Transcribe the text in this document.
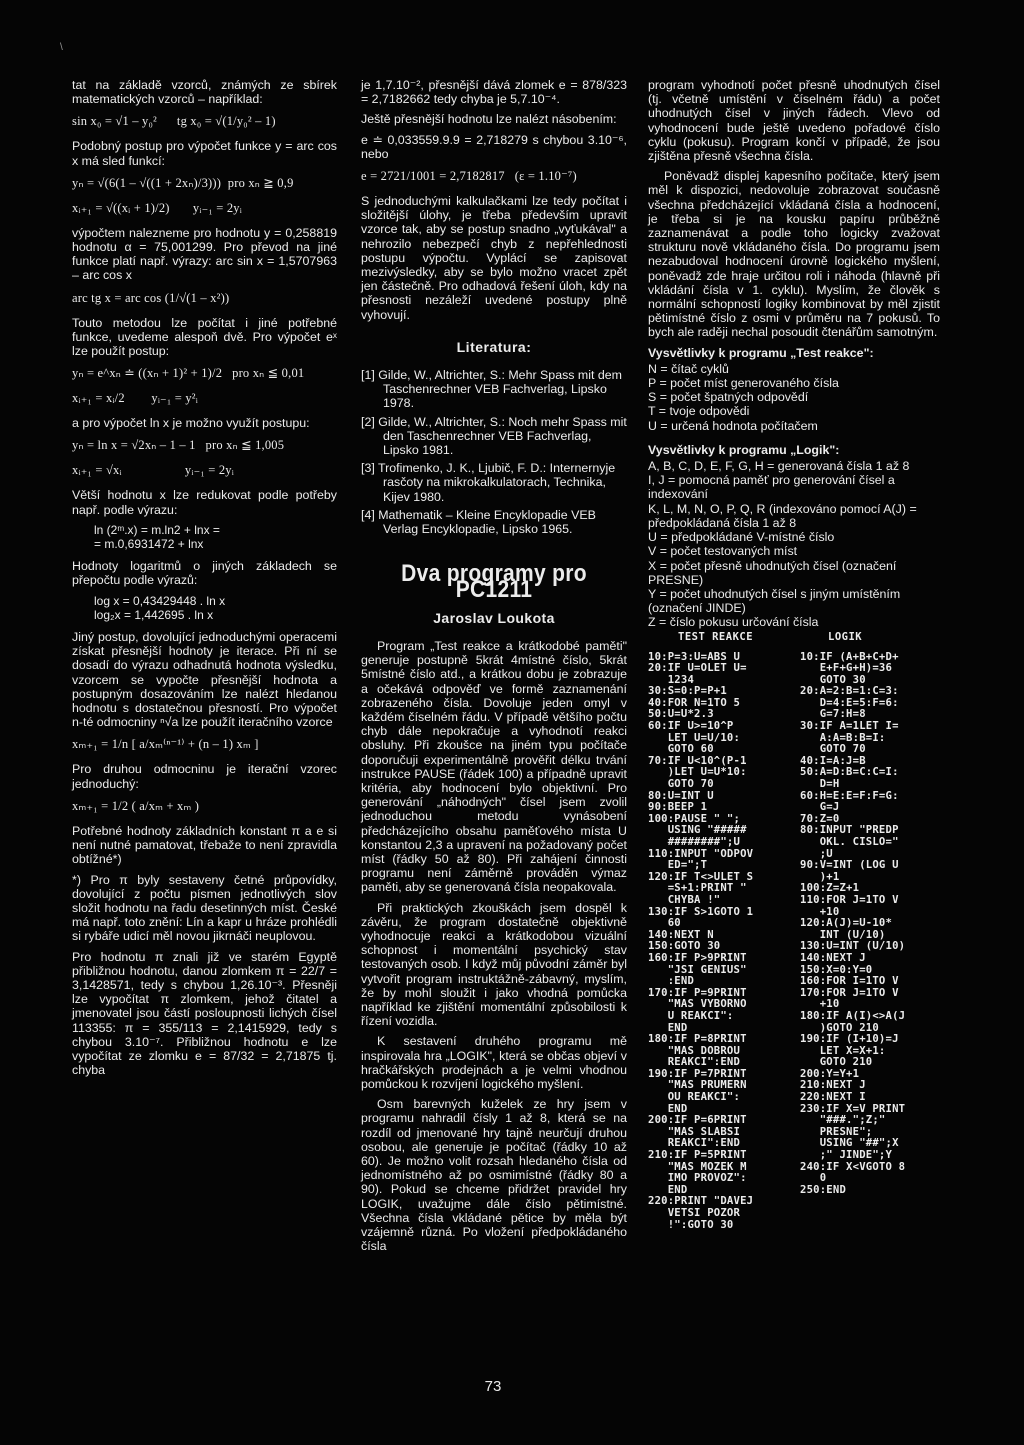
\

tat na základě vzorců, známých ze sbírek matematických vzorců – například:

sin x₀ = √1 – y₀²      tg x₀ = √(1/y₀² – 1)

Podobný postup pro výpočet funkce y = arc cos x má sled funkcí:

yₙ = √(6(1 – √((1 + 2xₙ)/3)))  pro xₙ ≧ 0,9
xᵢ₊₁ = √((xᵢ + 1)/2)       yᵢ₋₁ = 2yᵢ

výpočtem nalezneme pro hodnotu y = 0,258819 hodnotu α = 75,001299. Pro převod na jiné funkce platí např. výrazy: arc sin x = 1,5707963 – arc cos x

arc tg x = arc cos (1/√(1 – x²))

Touto metodou lze počítat i jiné potřebné funkce, uvedeme alespoň dvě. Pro výpočet eˣ lze použít postup:

yₙ = e^xₙ ≐ ((xₙ + 1)² + 1)/2   pro xₙ ≦ 0,01
xᵢ₊₁ = xᵢ/2        yᵢ₋₁ = y²ᵢ

a pro výpočet ln x je možno využít postupu:

yₙ = ln x = √2xₙ – 1 – 1   pro xₙ ≦ 1,005
xᵢ₊₁ = √xᵢ                   yᵢ₋₁ = 2yᵢ

Větší hodnotu x lze redukovat podle potřeby např. podle výrazu:

ln (2ᵐ.x) = m.ln2 + lnx =
= m.0,6931472 + lnx

Hodnoty logaritmů o jiných základech se přepočtu podle výrazů:

log x = 0,43429448 . ln x
log₂x = 1,442695 . ln x

Jiný postup, dovolující jednoduchými operacemi získat přesnější hodnoty je iterace. Při ní se dosadí do výrazu odhadnutá hodnota výsledku, vzorcem se vypočte přesnější hodnota a postupným dosazováním lze nalézt hledanou hodnotu s dostatečnou přesností. Pro výpočet n-té odmocniny ⁿ√a lze použít iteračního vzorce

xₘ₊₁ = 1/n [ a/xₘ⁽ⁿ⁻¹⁾ + (n – 1) xₘ ]

Pro druhou odmocninu je iterační vzorec jednoduchý:

xₘ₊₁ = 1/2 ( a/xₘ + xₘ )

Potřebné hodnoty základních konstant π a e si není nutné pamatovat, třebaže to není zpravidla obtížné*)

*) Pro π byly sestaveny četné průpovídky, dovolující z počtu písmen jednotlivých slov složit hodnotu na řadu desetinných míst. České má např. toto znění: Lín a kapr u hráze prohlédli si rybáře udicí měl novou jikrnáči neuplovou.

Pro hodnotu π znali již ve starém Egyptě přibližnou hodnotu, danou zlomkem π = 22/7 = 3,1428571, tedy s chybou 1,26.10⁻³. Přesněji lze vypočítat π zlomkem, jehož čitatel a jmenovatel jsou částí posloupnosti lichých čísel 113355: π = 355/113 = 2,1415929, tedy s chybou 3.10⁻⁷. Přibližnou hodnotu e lze vypočítat ze zlomku e = 87/32 = 2,71875 tj. chyba

je 1,7.10⁻², přesnější dává zlomek e = 878/323 = 2,7182662 tedy chyba je 5,7.10⁻⁴.

Ještě přesnější hodnotu lze nalézt násobením:

e ≐ 0,033559.9.9 = 2,718279 s chybou 3.10⁻⁶, nebo

e = 2721/1001 = 2,7182817   (ε = 1.10⁻⁷)

S jednoduchými kalkulačkami lze tedy počítat i složitější úlohy, je třeba především upravit vzorce tak, aby se postup snadno „vyťukával" a nehrozilo nebezpečí chyb z nepřehlednosti postupu výpočtu. Vyplácí se zapisovat mezivýsledky, aby se bylo možno vracet zpět jen částečně. Pro odhadová řešení úloh, kdy na přesnosti nezáleží uvedené postupy plně vyhovují.

Literatura:
[1] Gilde, W., Altrichter, S.: Mehr Spass mit dem Taschenrechner VEB Fachverlag, Lipsko 1978.
[2] Gilde, W., Altrichter, S.: Noch mehr Spass mit den Taschenrechner VEB Fachverlag, Lipsko 1981.
[3] Trofimenko, J. K., Ljubič, F. D.: Internernyje rasčoty na mikrokalkulatorach, Technika, Kijev 1980.
[4] Mathematik – Kleine Encyklopadie VEB Verlag Encyklopadie, Lipsko 1965.
Dva programy pro PC1211
Jaroslav Loukota

Program „Test reakce a krátkodobé paměti" generuje postupně 5krát 4místné číslo, 5krát 5místné číslo atd., a krátkou dobu je zobrazuje a očekává odpověď ve formě zaznamenání zobrazeného čísla. Dovoluje jeden omyl v každém číselném řádu. V případě většího počtu chyb dále nepokračuje a vyhodnotí reakci obsluhy. Při zkoušce na jiném typu počítače doporučuji experimentálně prověřit délku trvání instrukce PAUSE (řádek 100) a případně upravit kritéria, aby hodnocení bylo objektivní. Pro generování „náhodných" čísel jsem zvolil jednoduchou metodu vynásobení předcházejícího obsahu paměťového místa U konstantou 2,3 a upravení na požadovaný počet míst (řádky 50 až 80). Při zahájení činnosti programu není záměrně prováděn výmaz paměti, aby se generovaná čísla neopakovala.

Při praktických zkouškách jsem dospěl k závěru, že program dostatečně objektivně vyhodnocuje reakci a krátkodobou vizuální schopnost i momentální psychický stav testovaných osob. I když můj původní záměr byl vytvořit program instruktážně-zábavný, myslím, že by mohl sloužit i jako vhodná pomůcka například ke zjištění momentální způsobilosti k řízení vozidla.

K sestavení druhého programu mě inspirovala hra „LOGIK", která se občas objeví v hračkářských prodejnách a je velmi vhodnou pomůckou k rozvíjení logického myšlení.

Osm barevných kuželek ze hry jsem v programu nahradil čísly 1 až 8, která se na rozdíl od jmenované hry tajně neurčují druhou osobou, ale generuje je počítač (řádky 10 až 60). Je možno volit rozsah hledaného čísla od jednomístného až po osmimístné (řádky 80 a 90). Pokud se chceme přidržet pravidel hry LOGIK, uvažujme dále číslo pětimístné. Všechna čísla vkládané pětice by měla být vzájemně různá. Po vložení předpokládaného čísla

program vyhodnotí počet přesně uhodnutých čísel (tj. včetně umístění v číselném řádu) a počet uhodnutých čísel v jiných řádech. Vlevo od vyhodnocení bude ještě uvedeno pořadové číslo cyklu (pokusu). Program končí v případě, že jsou zjištěna přesně všechna čísla.

Poněvadž displej kapesního počítače, který jsem měl k dispozici, nedovoluje zobrazovat současně všechna předcházející vkládaná čísla a hodnocení, je třeba si je na kousku papíru průběžně zaznamenávat a podle toho logicky zvažovat strukturu nově vkládaného čísla. Do programu jsem nezabudoval hodnocení úrovně logického myšlení, poněvadž zde hraje určitou roli i náhoda (hlavně při vkládání čísla v 1. cyklu). Myslím, že člověk s normální schopností logiky kombinovat by měl zjistit pětimístné číslo z osmi v průměru na 7 pokusů. To bych ale raději nechal posoudit čtenářům samotným.

Vysvětlivky k programu „Test reakce":
N = čítač cyklů
P = počet míst generovaného čísla
S = počet špatných odpovědí
T = tvoje odpovědi
U = určená hodnota počítačem
Vysvětlivky k programu „Logik":
A, B, C, D, E, F, G, H = generovaná čísla 1 až 8
I, J = pomocná paměť pro generování čísel a indexování
K, L, M, N, O, P, Q, R (indexováno pomocí A(J) = předpokládaná čísla 1 až 8
U = předpokládané V-místné číslo
V = počet testovaných míst
X = počet přesně uhodnutých čísel (označení PRESNE)
Y = počet uhodnutých čísel s jiným umístěním (označení JINDE)
Z = číslo pokusu určování čísla
TEST REAKCE	LOGIK
10:P=3:U=ABS U
20:IF U=OLET U=
1234
30:S=0:P=P+1
40:FOR N=1TO 5
50:U=U*2.3
60:IF U>=10^P
LET U=U/10:
GOTO 60
70:IF U<10^(P-1
)LET U=U*10:
GOTO 70
80:U=INT U
90:BEEP 1
100:PAUSE " ";
USING "#####
########";U
110:INPUT "ODPOV
ED=";T
120:IF T<>ULET S
=S+1:PRINT "
CHYBA !"
130:IF S>1GOTO 1
60
140:NEXT N
150:GOTO 30
160:IF P>9PRINT
"JSI GENIUS"
:END
170:IF P=9PRINT
"MAS VYBORNO
U REAKCI":
END
180:IF P=8PRINT
"MAS DOBROU
REAKCI":END
190:IF P=7PRINT
"MAS PRUMERN
OU REAKCI":
END
200:IF P=6PRINT
"MAS SLABSI
REAKCI":END
210:IF P=5PRINT
"MAS MOZEK M
IMO PROVOZ":
END
220:PRINT "DAVEJ
VETSI POZOR
!":GOTO 30
10:IF (A+B+C+D+
E+F+G+H)=36
GOTO 30
20:A=2:B=1:C=3:
D=4:E=5:F=6:
G=7:H=8
30:IF A=1LET I=
A:A=B:B=I:
GOTO 70
40:I=A:J=B
50:A=D:B=C:C=I:
D=H
60:H=E:E=F:F=G:
G=J
70:Z=0
80:INPUT "PREDP
OKL. CISLO="
;U
90:V=INT (LOG U
)+1
100:Z=Z+1
110:FOR J=1TO V
+10
120:A(J)=U-10*
INT (U/10)
130:U=INT (U/10)
140:NEXT J
150:X=0:Y=0
160:FOR I=1TO V
170:FOR J=1TO V
+10
180:IF A(I)<>A(J
)GOTO 210
190:IF (I+10)=J
LET X=X+1:
GOTO 210
200:Y=Y+1
210:NEXT J
220:NEXT I
230:IF X=V PRINT
"###.";Z;"
PRESNE";
USING "##";X
;" JINDE";Y
240:IF X<VGOTO 8
0
250:END
73
